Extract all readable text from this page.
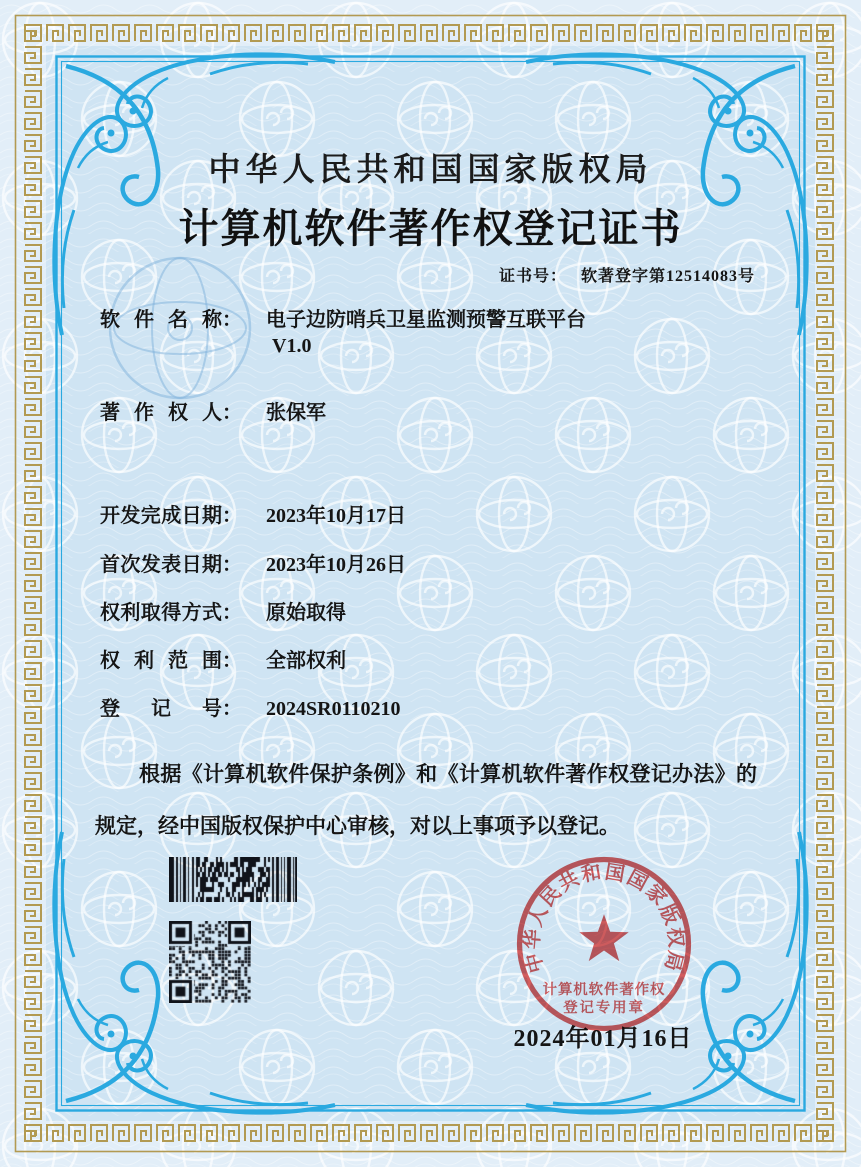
中华人民共和国国家版权局
计算机软件著作权登记证书
证书号： 软著登字第12514083号
软件名称： 电子边防哨兵卫星监测预警互联平台
V1.0
著作权人： 张保军
开发完成日期： 2023年10月17日
首次发表日期： 2023年10月26日
权利取得方式： 原始取得
权利范围： 全部权利
登记号： 2024SR0110210
根据《计算机软件保护条例》和《计算机软件著作权登记办法》的规定，经中国版权保护中心审核，对以上事项予以登记。
中华人民共和国国家版权局
计算机软件著作权
登记专用章
2024年01月16日
